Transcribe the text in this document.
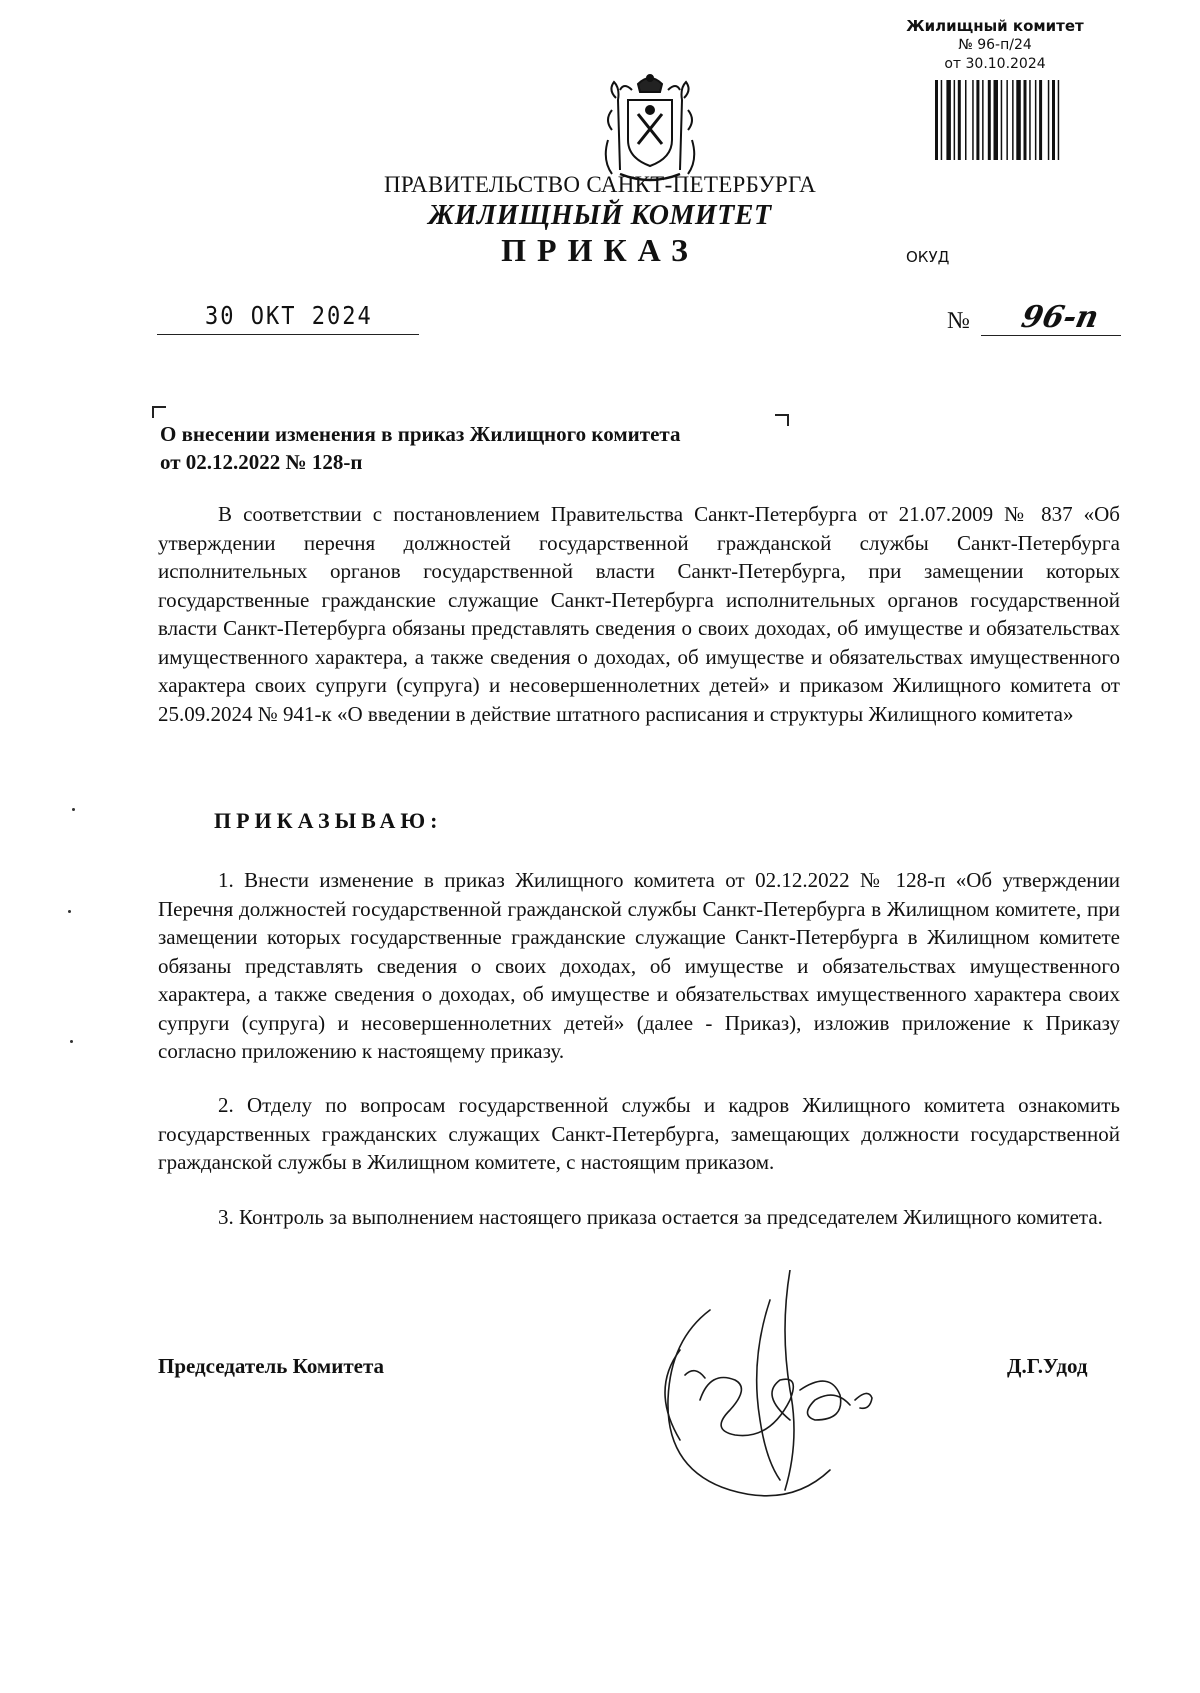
Жилищный комитет
№ 96-п/24
от 30.10.2024
ПРАВИТЕЛЬСТВО САНКТ-ПЕТЕРБУРГА
ЖИЛИЩНЫЙ КОМИТЕТ
ПРИКАЗ	ОКУД
30 ОКТ 2024	№ 96-п
О внесении изменения в приказ Жилищного комитета
от 02.12.2022 № 128-п
В соответствии с постановлением Правительства Санкт-Петербурга от 21.07.2009 № 837 «Об утверждении перечня должностей государственной гражданской службы Санкт-Петербурга исполнительных органов государственной власти Санкт-Петербурга, при замещении которых государственные гражданские служащие Санкт-Петербурга исполнительных органов государственной власти Санкт-Петербурга обязаны представлять сведения о своих доходах, об имуществе и обязательствах имущественного характера, а также сведения о доходах, об имуществе и обязательствах имущественного характера своих супруги (супруга) и несовершеннолетних детей» и приказом Жилищного комитета от 25.09.2024 № 941-к «О введении в действие штатного расписания и структуры Жилищного комитета»
ПРИКАЗЫВАЮ:
1. Внести изменение в приказ Жилищного комитета от 02.12.2022 № 128-п «Об утверждении Перечня должностей государственной гражданской службы Санкт-Петербурга в Жилищном комитете, при замещении которых государственные гражданские служащие Санкт-Петербурга в Жилищном комитете обязаны представлять сведения о своих доходах, об имуществе и обязательствах имущественного характера, а также сведения о доходах, об имуществе и обязательствах имущественного характера своих супруги (супруга) и несовершеннолетних детей» (далее - Приказ), изложив приложение к Приказу согласно приложению к настоящему приказу.
2. Отделу по вопросам государственной службы и кадров Жилищного комитета ознакомить государственных гражданских служащих Санкт-Петербурга, замещающих должности государственной гражданской службы в Жилищном комитете, с настоящим приказом.
3. Контроль за выполнением настоящего приказа остается за председателем Жилищного комитета.
Председатель Комитета	Д.Г.Удод
